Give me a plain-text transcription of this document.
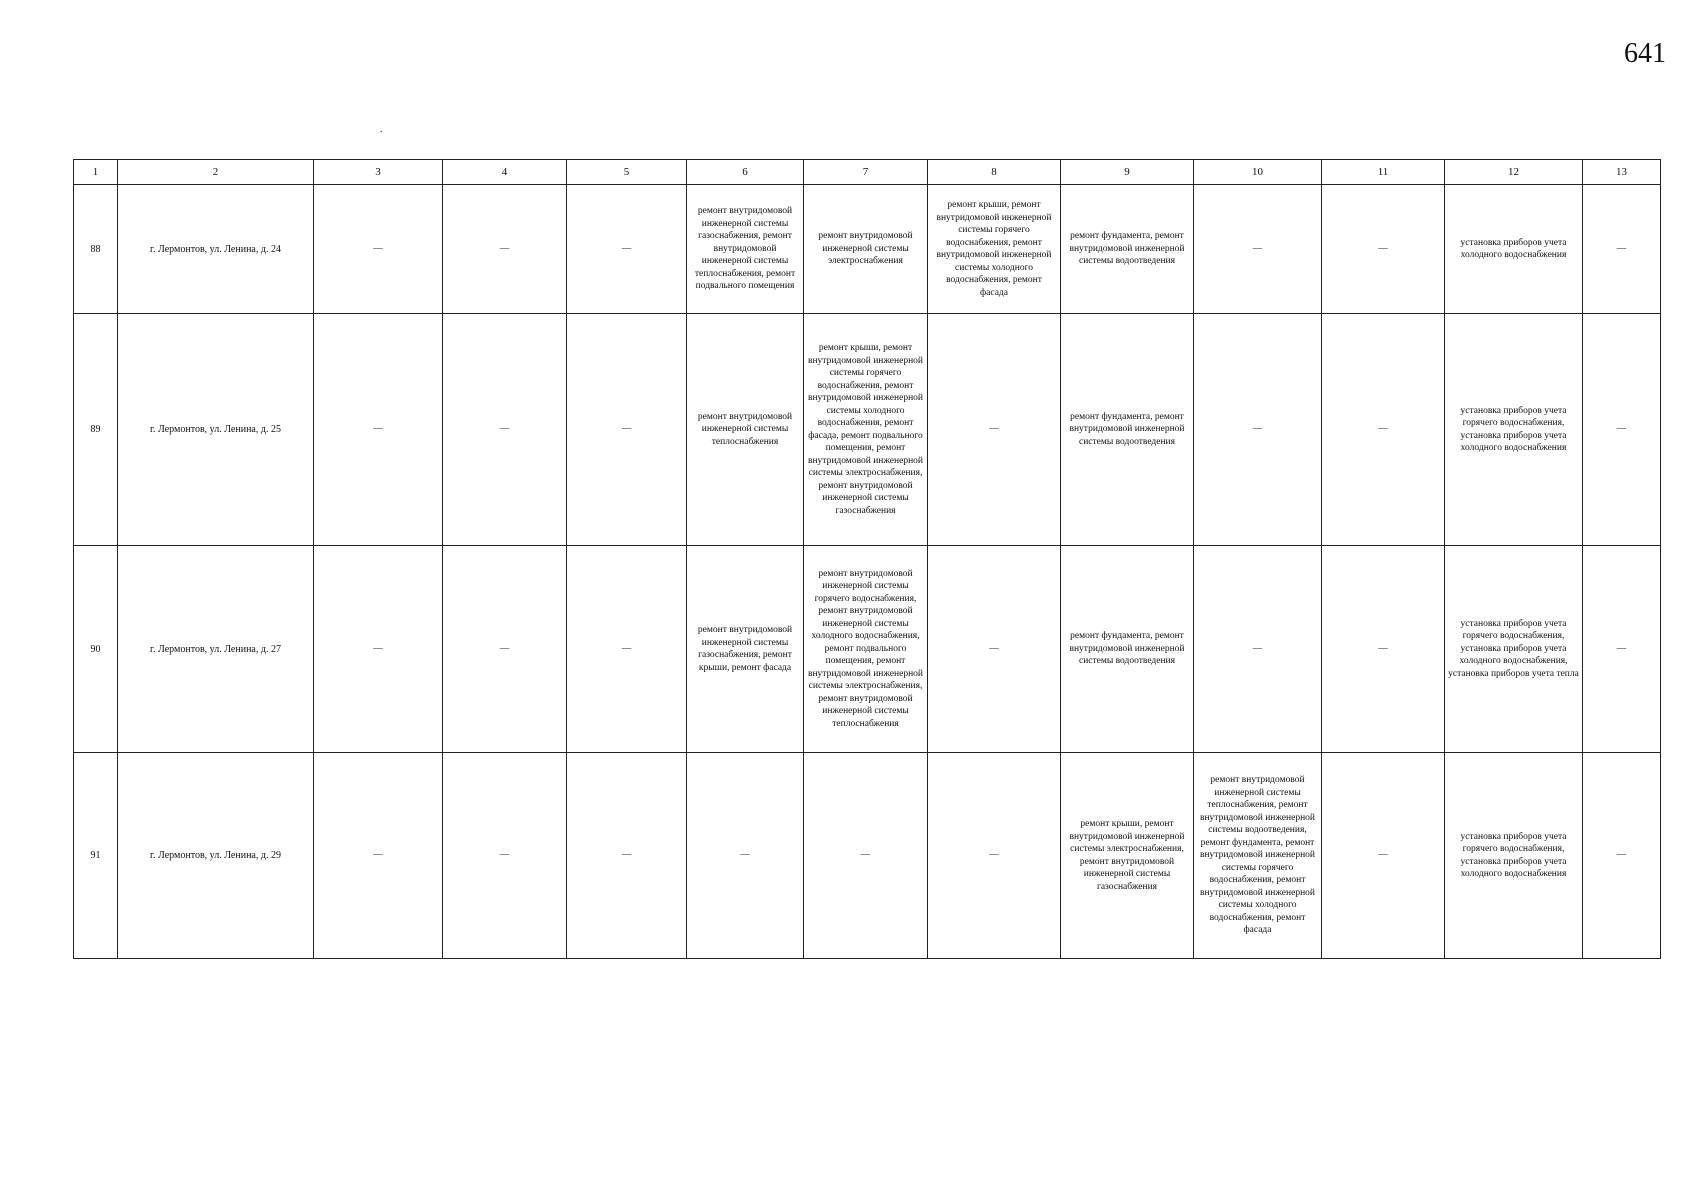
641
.
1	2	3	4	5	6	7	8	9	10	11	12	13
88	г. Лермонтов, ул. Ленина, д. 24	—	—	—	ремонт внутридомовой инженерной системы газоснабжения, ремонт внутридомовой инженерной системы теплоснабжения, ремонт подвального помещения	ремонт внутридомовой инженерной системы электроснабжения	ремонт крыши, ремонт внутридомовой инженерной системы горячего водоснабжения, ремонт внутридомовой инженерной системы холодного водоснабжения, ремонт фасада	ремонт фундамента, ремонт внутридомовой инженерной системы водоотведения	—	—	установка приборов учета холодного водоснабжения	—
89	г. Лермонтов, ул. Ленина, д. 25	—	—	—	ремонт внутридомовой инженерной системы теплоснабжения	ремонт крыши, ремонт внутридомовой инженерной системы горячего водоснабжения, ремонт внутридомовой инженерной системы холодного водоснабжения, ремонт фасада, ремонт подвального помещения, ремонт внутридомовой инженерной системы электроснабжения, ремонт внутридомовой инженерной системы газоснабжения	—	ремонт фундамента, ремонт внутридомовой инженерной системы водоотведения	—	—	установка приборов учета горячего водоснабжения, установка приборов учета холодного водоснабжения	—
90	г. Лермонтов, ул. Ленина, д. 27	—	—	—	ремонт внутридомовой инженерной системы газоснабжения, ремонт крыши, ремонт фасада	ремонт внутридомовой инженерной системы горячего водоснабжения, ремонт внутридомовой инженерной системы холодного водоснабжения, ремонт подвального помещения, ремонт внутридомовой инженерной системы электроснабжения, ремонт внутридомовой инженерной системы теплоснабжения	—	ремонт фундамента, ремонт внутридомовой инженерной системы водоотведения	—	—	установка приборов учета горячего водоснабжения, установка приборов учета холодного водоснабжения, установка приборов учета тепла	—
91	г. Лермонтов, ул. Ленина, д. 29	—	—	—	—	—	—	ремонт крыши, ремонт внутридомовой инженерной системы электроснабжения, ремонт внутридомовой инженерной системы газоснабжения	ремонт внутридомовой инженерной системы теплоснабжения, ремонт внутридомовой инженерной системы водоотведения, ремонт фундамента, ремонт внутридомовой инженерной системы горячего водоснабжения, ремонт внутридомовой инженерной системы холодного водоснабжения, ремонт фасада	—	установка приборов учета горячего водоснабжения, установка приборов учета холодного водоснабжения	—
